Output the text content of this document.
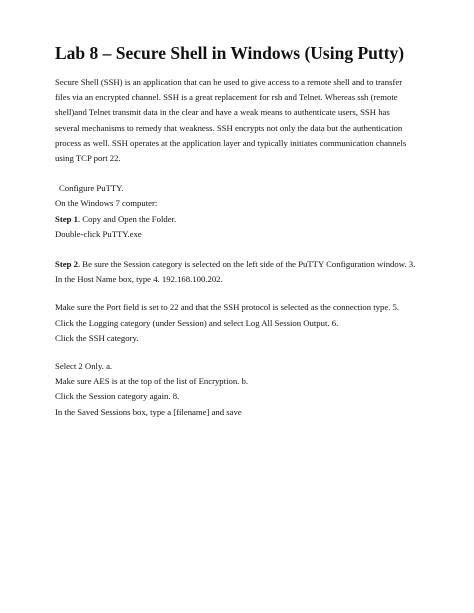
Lab 8 – Secure Shell in Windows (Using Putty)

Secure Shell (SSH) is an application that can be used to give access to a remote shell and to transfer

files via an encrypted channel. SSH is a great replacement for rsh and Telnet. Whereas ssh (remote

shell)and Telnet transmit data in the clear and have a weak means to authenticate users, SSH has

several mechanisms to remedy that weakness. SSH encrypts not only the data but the authentication

process as well. SSH operates at the application layer and typically initiates communication channels

using TCP port 22.

Configure PuTTY.

On the Windows 7 computer:

Step 1. Copy and Open the Folder.

Double-click PuTTY.exe

Step 2. Be sure the Session category is selected on the left side of the PuTTY Configuration window. 3.

In the Host Name box, type 4. 192.168.100.202.

Make sure the Port field is set to 22 and that the SSH protocol is selected as the connection type. 5.

Click the Logging category (under Session) and select Log All Session Output. 6.

Click the SSH category.

Select 2 Only. a.

Make sure AES is at the top of the list of Encryption. b.

Click the Session category again. 8.

In the Saved Sessions box, type a [filename] and save
